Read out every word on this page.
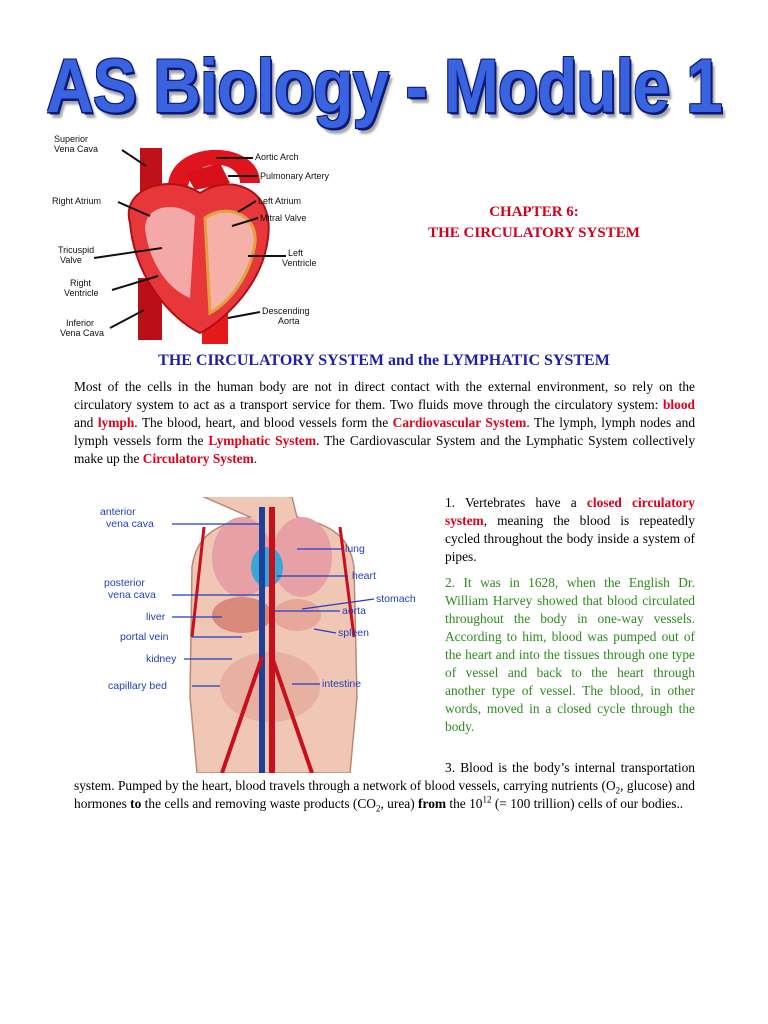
AS Biology - Module 1
Superior
Vena Cava
Right Atrium
Tricuspid
Valve
Right
Ventricle
Inferior
Vena Cava
Aortic Arch
Pulmonary Artery
Left Atrium
Mitral Valve
Left
Ventricle
Descending
Aorta
CHAPTER 6:
THE CIRCULATORY SYSTEM
THE CIRCULATORY SYSTEM and the LYMPHATIC SYSTEM
Most of the cells in the human body are not in direct contact with the external environment, so rely on the circulatory system to act as a transport service for them. Two fluids move through the circulatory system: blood and lymph. The blood, heart, and blood vessels form the Cardiovascular System. The lymph, lymph nodes and lymph vessels form the Lymphatic System. The Cardiovascular System and the Lymphatic System collectively make up the Circulatory System.
anterior
vena cava
posterior
vena cava
liver
portal vein
kidney
capillary bed
lung
heart
stomach
aorta
spleen
intestine
1. Vertebrates have a closed circulatory system, meaning the blood is repeatedly cycled throughout the body inside a system of pipes.
2. It was in 1628, when the English Dr. William Harvey showed that blood circulated throughout the body in one-way vessels. According to him, blood was pumped out of the heart and into the tissues through one type of vessel and back to the heart through another type of vessel. The blood, in other words, moved in a closed cycle through the body.
3. Blood is the body’s internal transportation system. Pumped by the heart, blood travels through a network of blood vessels, carrying nutrients ($O_2$, glucose) and hormones to the cells and removing waste products ($CO_2$, urea) from the $10^{12}$ (= 100 trillion) cells of our bodies..
